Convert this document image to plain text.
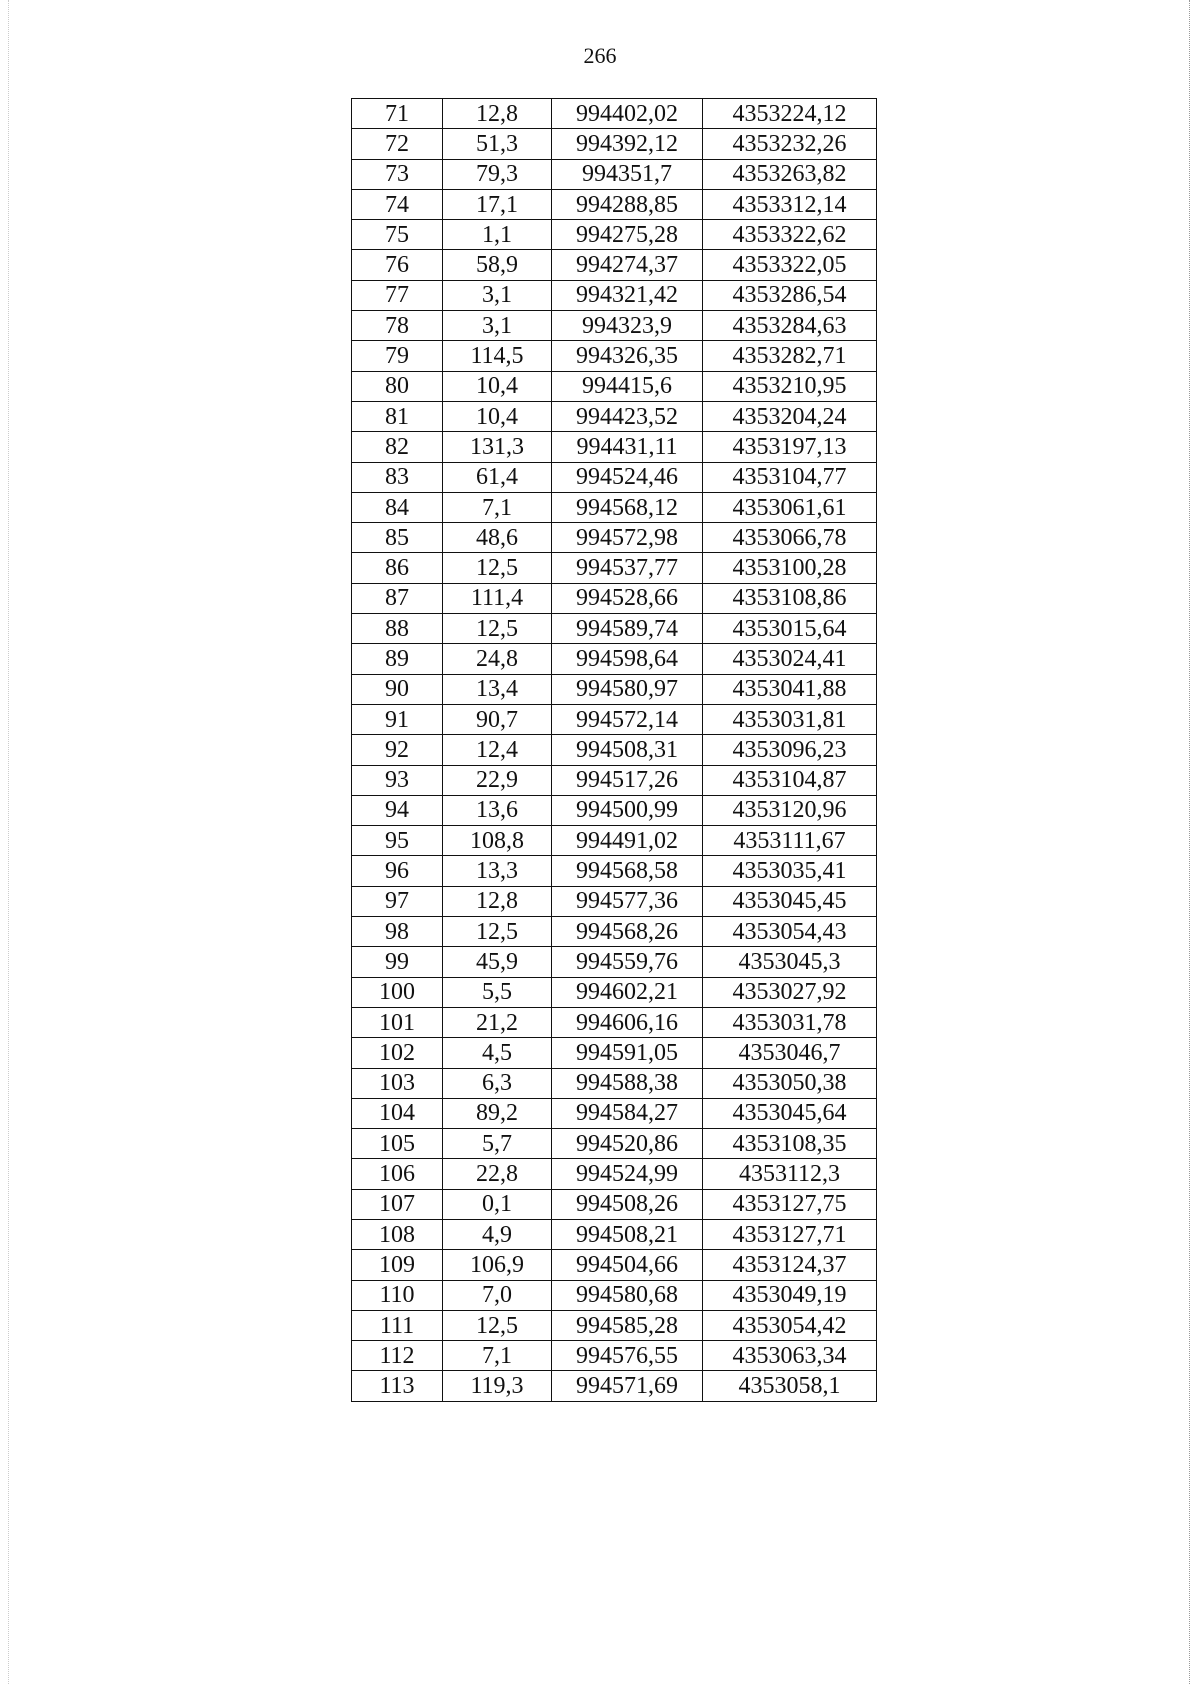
266
71	12,8	994402,02	4353224,12
72	51,3	994392,12	4353232,26
73	79,3	994351,7	4353263,82
74	17,1	994288,85	4353312,14
75	1,1	994275,28	4353322,62
76	58,9	994274,37	4353322,05
77	3,1	994321,42	4353286,54
78	3,1	994323,9	4353284,63
79	114,5	994326,35	4353282,71
80	10,4	994415,6	4353210,95
81	10,4	994423,52	4353204,24
82	131,3	994431,11	4353197,13
83	61,4	994524,46	4353104,77
84	7,1	994568,12	4353061,61
85	48,6	994572,98	4353066,78
86	12,5	994537,77	4353100,28
87	111,4	994528,66	4353108,86
88	12,5	994589,74	4353015,64
89	24,8	994598,64	4353024,41
90	13,4	994580,97	4353041,88
91	90,7	994572,14	4353031,81
92	12,4	994508,31	4353096,23
93	22,9	994517,26	4353104,87
94	13,6	994500,99	4353120,96
95	108,8	994491,02	4353111,67
96	13,3	994568,58	4353035,41
97	12,8	994577,36	4353045,45
98	12,5	994568,26	4353054,43
99	45,9	994559,76	4353045,3
100	5,5	994602,21	4353027,92
101	21,2	994606,16	4353031,78
102	4,5	994591,05	4353046,7
103	6,3	994588,38	4353050,38
104	89,2	994584,27	4353045,64
105	5,7	994520,86	4353108,35
106	22,8	994524,99	4353112,3
107	0,1	994508,26	4353127,75
108	4,9	994508,21	4353127,71
109	106,9	994504,66	4353124,37
110	7,0	994580,68	4353049,19
111	12,5	994585,28	4353054,42
112	7,1	994576,55	4353063,34
113	119,3	994571,69	4353058,1
